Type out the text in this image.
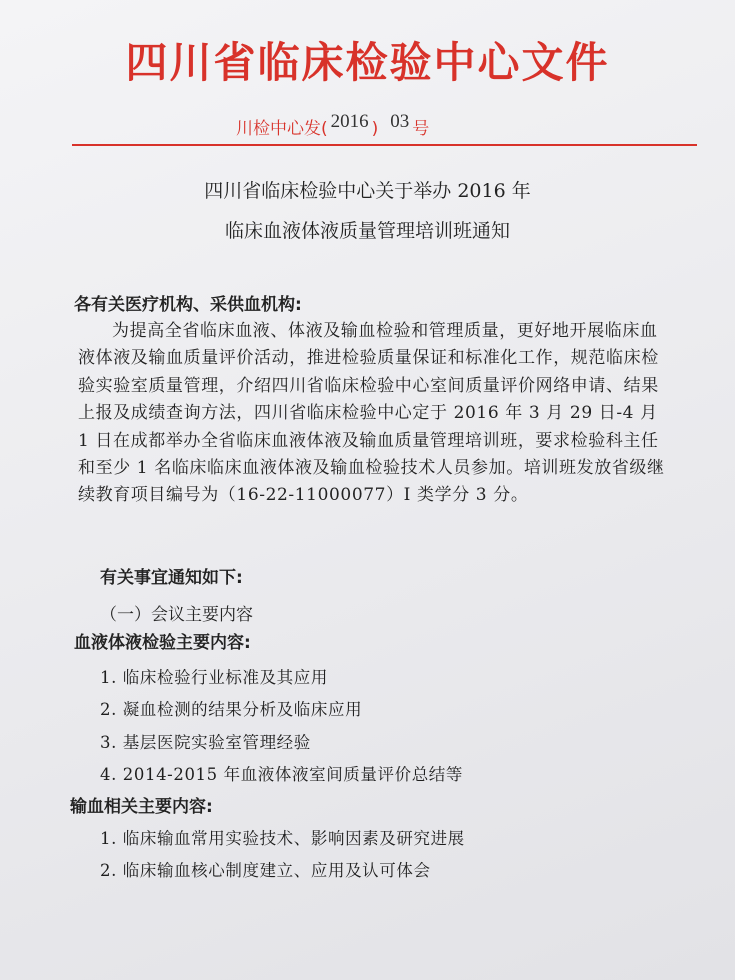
四川省临床检验中心文件
川检中心发( 2016 ) 03 号
四川省临床检验中心关于举办 2016 年
临床血液体液质量管理培训班通知
各有关医疗机构、采供血机构:
为提高全省临床血液、体液及输血检验和管理质量，更好地开展临床血液体液及输血质量评价活动，推进检验质量保证和标准化工作，规范临床检验实验室质量管理，介绍四川省临床检验中心室间质量评价网络申请、结果上报及成绩查询方法，四川省临床检验中心定于 2016 年 3 月 29 日-4 月 1 日在成都举办全省临床血液体液及输血质量管理培训班，要求检验科主任和至少 1 名临床临床血液体液及输血检验技术人员参加。培训班发放省级继续教育项目编号为（16-22-11000077）I 类学分 3 分。
有关事宜通知如下:
（一）会议主要内容
血液体液检验主要内容:
1. 临床检验行业标准及其应用
2. 凝血检测的结果分析及临床应用
3. 基层医院实验室管理经验
4. 2014-2015 年血液体液室间质量评价总结等
输血相关主要内容:
1. 临床输血常用实验技术、影响因素及研究进展
2. 临床输血核心制度建立、应用及认可体会
